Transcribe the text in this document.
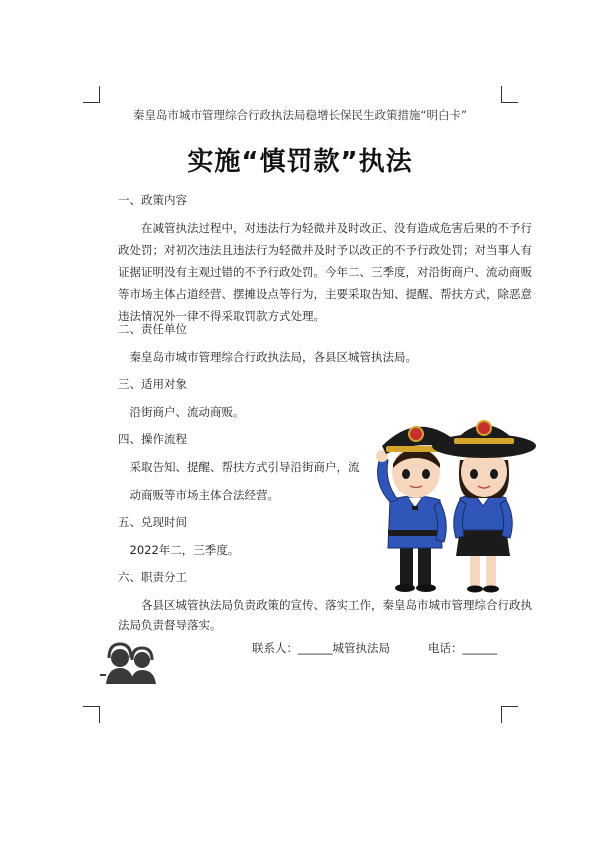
秦皇岛市城市管理综合行政执法局稳增长保民生政策措施“明白卡”
实施“慎罚款”执法
一、政策内容
　　在减管执法过程中，对违法行为轻微并及时改正、没有造成危害后果的不予行
政处罚；对初次违法且违法行为轻微并及时予以改正的不予行政处罚；对当事人有
证据证明没有主观过错的不予行政处罚。今年二、三季度，对沿街商户、流动商贩
等市场主体占道经营、摆摊设点等行为，主要采取告知、提醒、帮扶方式，除恶意
违法情况外一律不得采取罚款方式处理。
二、责任单位
　秦皇岛市城市管理综合行政执法局，各县区城管执法局。
三、适用对象
　沿街商户、流动商贩。
四、操作流程
　采取告知、提醒、帮扶方式引导沿街商户，流
　动商贩等市场主体合法经营。
五、兑现时间
　2022年二，三季度。
六、职责分工
　　各县区城管执法局负责政策的宣传、落实工作，秦皇岛市城市管理综合行政执
法局负责督导落实。
联系人：______城管执法局	电话：______
